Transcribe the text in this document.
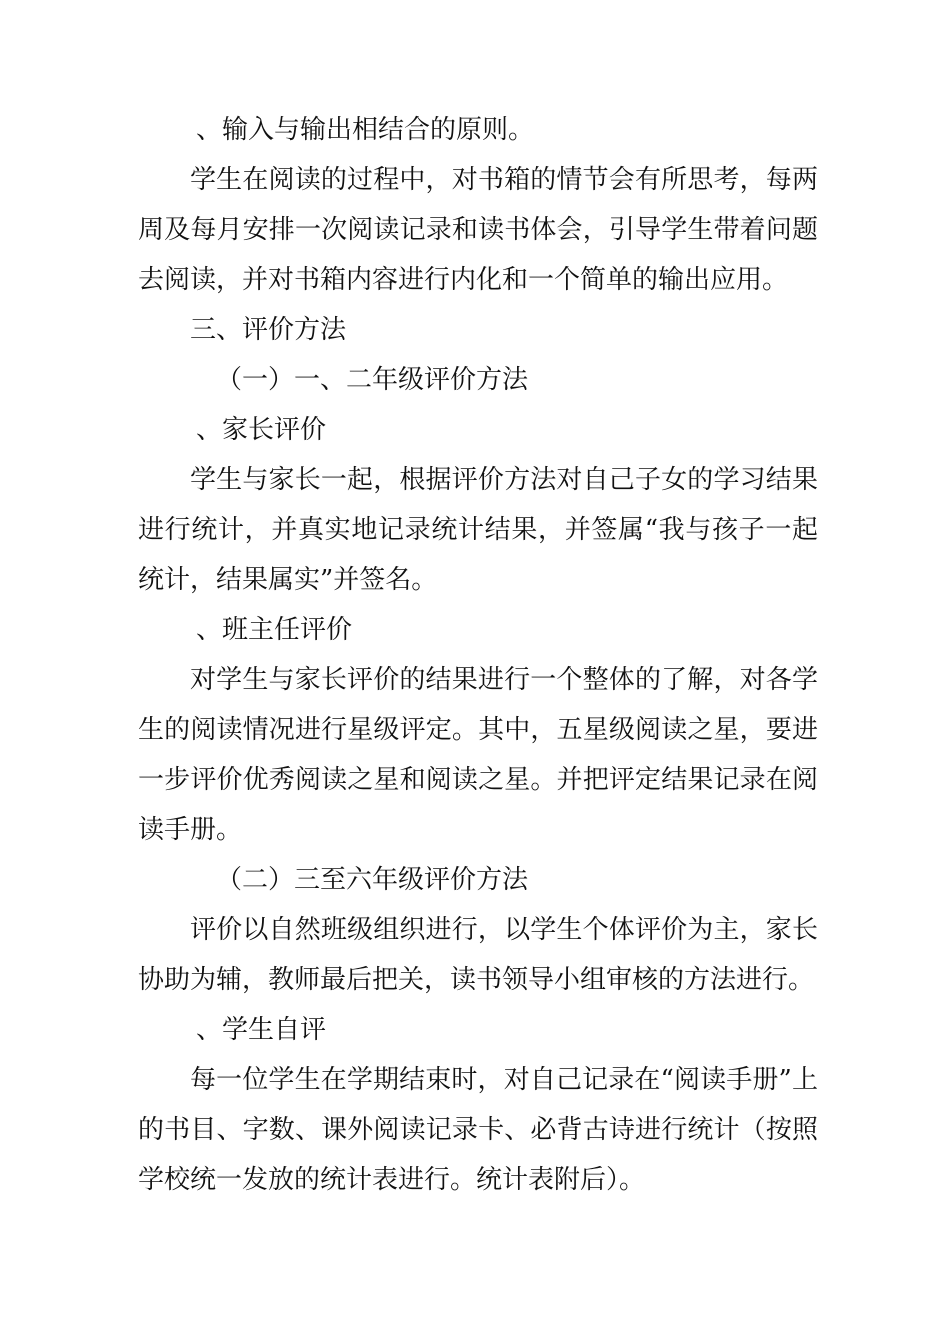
、输入与输出相结合的原则。

学生在阅读的过程中，对书箱的情节会有所思考，每两周及每月安排一次阅读记录和读书体会，引导学生带着问题去阅读，并对书箱内容进行内化和一个简单的输出应用。

三、评价方法

（一）一、二年级评价方法

、家长评价

学生与家长一起，根据评价方法对自己子女的学习结果进行统计，并真实地记录统计结果，并签属“我与孩子一起统计，结果属实”并签名。

、班主任评价

对学生与家长评价的结果进行一个整体的了解，对各学生的阅读情况进行星级评定。其中，五星级阅读之星，要进一步评价优秀阅读之星和阅读之星。并把评定结果记录在阅读手册。

（二）三至六年级评价方法

评价以自然班级组织进行，以学生个体评价为主，家长协助为辅，教师最后把关，读书领导小组审核的方法进行。

、学生自评

每一位学生在学期结束时，对自己记录在“阅读手册”上的书目、字数、课外阅读记录卡、必背古诗进行统计（按照学校统一发放的统计表进行。统计表附后）。
